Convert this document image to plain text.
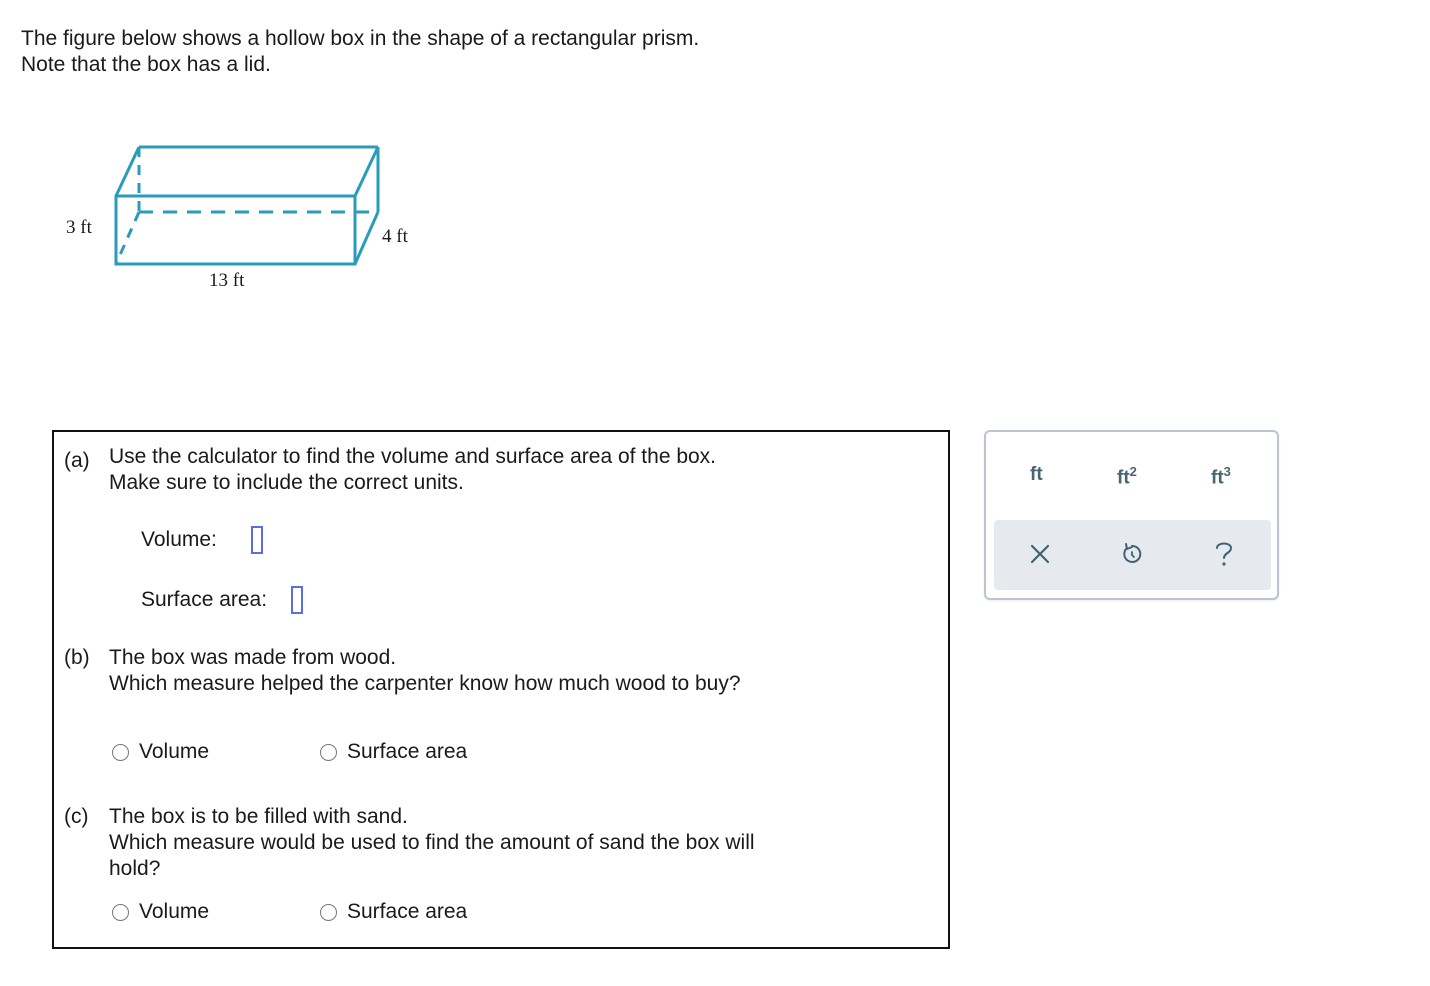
The figure below shows a hollow box in the shape of a rectangular prism.
Note that the box has a lid.
3 ft	4 ft
13 ft
(a) Use the calculator to find the volume and surface area of the box.
Make sure to include the correct units.
Volume:
Surface area:
(b) The box was made from wood.
Which measure helped the carpenter know how much wood to buy?
Volume	Surface area
(c) The box is to be filled with sand.
Which measure would be used to find the amount of sand the box will
hold?
Volume	Surface area
ft	$ft^2$	$ft^3$
